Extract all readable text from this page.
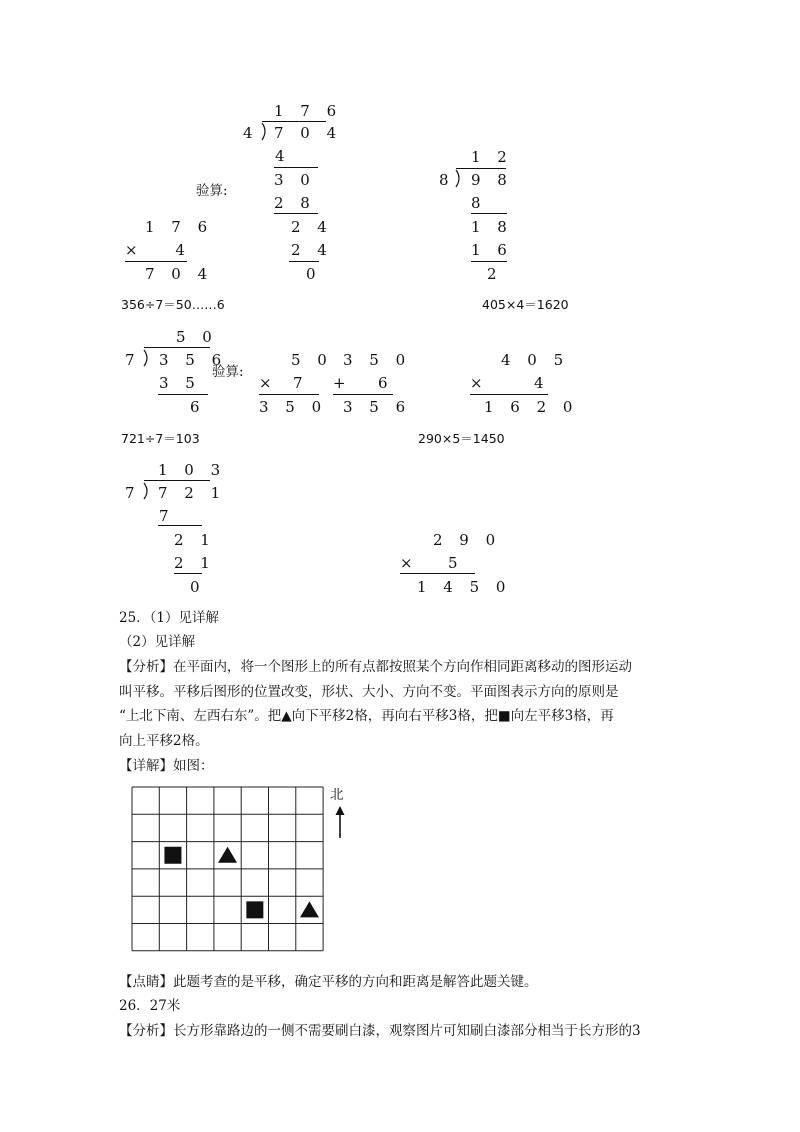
1 7 6
4 7 0 4
4
3 0
2 8
2 4
2 4
0
验算:
1 7 6
× 　4
7 0 4
1 2
8 9 8
8
1 8
1 6
2
356÷7＝50……6	405×4＝1620
5 0
7 3 5 6
3 5
6
验算:
5 0
× 7
3 5 0
3 5 0
+ 6
3 5 6
4 0 5
×	4
1 6 2 0
721÷7＝103	290×5＝1450
1 0 3
7 7 2 1
7
2 1
2 1
0
2 9 0
× 5
1 4 5 0
25．（1）见详解
（2）见详解
【分析】在平面内，将一个图形上的所有点都按照某个方向作相同距离移动的图形运动
叫平移。平移后图形的位置改变，形状、大小、方向不变。平面图表示方向的原则是
“上北下南、左西右东”。把▲向下平移2格，再向右平移3格，把■向左平移3格，再
向上平移2格。
【详解】如图：
北
【点睛】此题考查的是平移，确定平移的方向和距离是解答此题关键。
26．27米
【分析】长方形靠路边的一侧不需要刷白漆，观察图片可知刷白漆部分相当于长方形的3
